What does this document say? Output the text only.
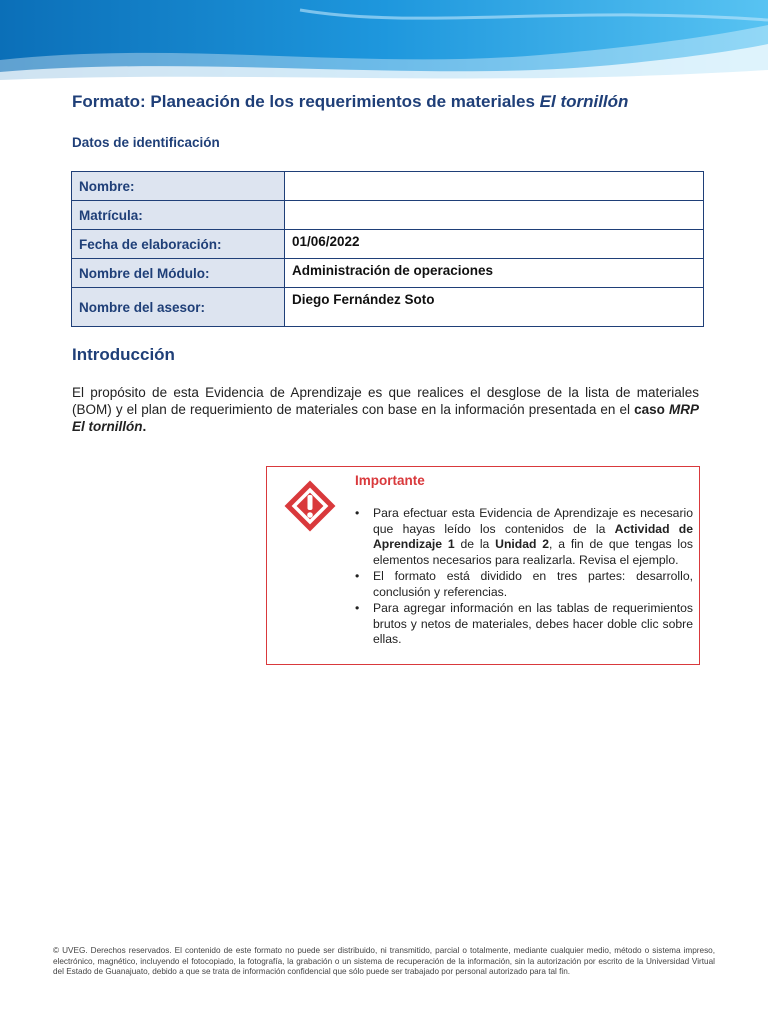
Formato: Planeación de los requerimientos de materiales El tornillón
Datos de identificación
Nombre:	
Matrícula:	
Fecha de elaboración:	01/06/2022
Nombre del Módulo:	Administración de operaciones
Nombre del asesor:	Diego Fernández Soto
Introducción
El propósito de esta Evidencia de Aprendizaje es que realices el desglose de la lista de materiales (BOM) y el plan de requerimiento de materiales con base en la información presentada en el caso MRP El tornillón.
Importante
• Para efectuar esta Evidencia de Aprendizaje es necesario que hayas leído los contenidos de la Actividad de Aprendizaje 1 de la Unidad 2, a fin de que tengas los elementos necesarios para realizarla. Revisa el ejemplo.
• El formato está dividido en tres partes: desarrollo, conclusión y referencias.
• Para agregar información en las tablas de requerimientos brutos y netos de materiales, debes hacer doble clic sobre ellas.
© UVEG. Derechos reservados. El contenido de este formato no puede ser distribuido, ni transmitido, parcial o totalmente, mediante cualquier medio, método o sistema impreso, electrónico, magnético, incluyendo el fotocopiado, la fotografía, la grabación o un sistema de recuperación de la información, sin la autorización por escrito de la Universidad Virtual del Estado de Guanajuato, debido a que se trata de información confidencial que sólo puede ser trabajado por personal autorizado para tal fin.
